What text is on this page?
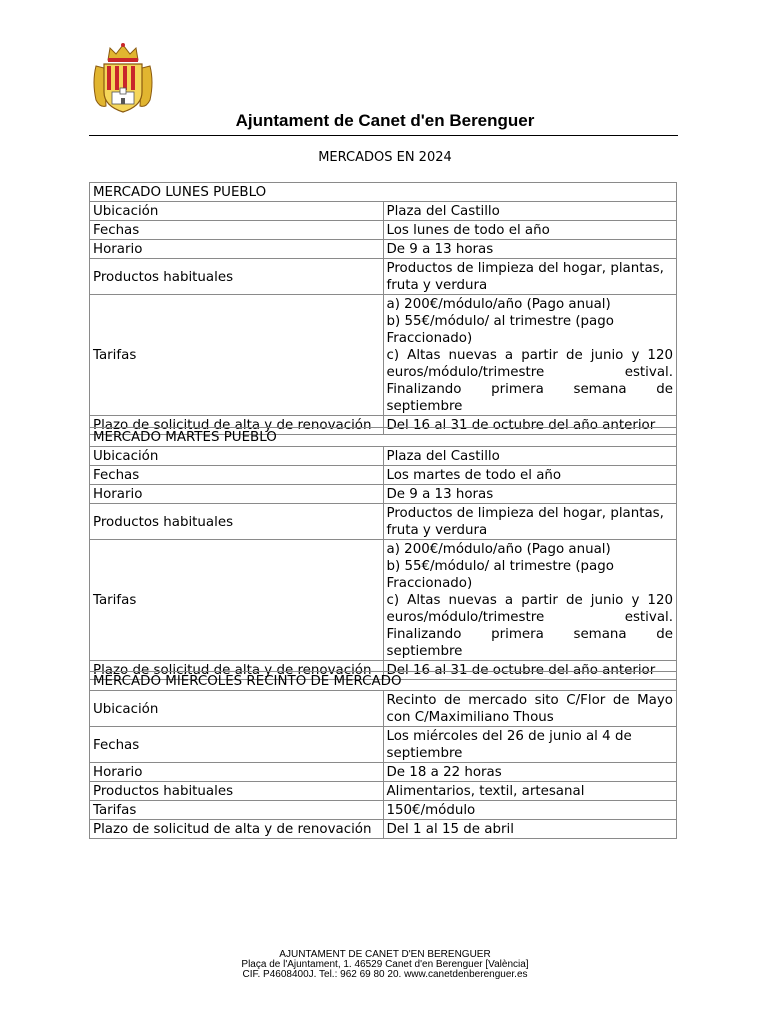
Ajuntament de Canet d'en Berenguer
MERCADOS EN 2024
MERCADO LUNES PUEBLO	
Ubicación	Plaza del Castillo
Fechas	Los lunes de todo el año
Horario	De 9 a 13 horas
Productos habituales	Productos de limpieza del hogar, plantas, fruta y verdura
Tarifas	a) 200€/módulo/año (Pago anual)
b) 55€/módulo/ al trimestre (pago Fraccionado)
c) Altas nuevas a partir de junio y 120 euros/módulo/trimestre estival. Finalizando primera semana de septiembre

Plazo de solicitud de alta y de renovación	Del 16 al 31 de octubre del año anterior
MERCADO MARTES PUEBLO	
Ubicación	Plaza del Castillo
Fechas	Los martes de todo el año
Horario	De 9 a 13 horas
Productos habituales	Productos de limpieza del hogar, plantas, fruta y verdura
Tarifas	a) 200€/módulo/año (Pago anual)
b) 55€/módulo/ al trimestre (pago Fraccionado)
c) Altas nuevas a partir de junio y 120 euros/módulo/trimestre estival. Finalizando primera semana de septiembre

Plazo de solicitud de alta y de renovación	Del 16 al 31 de octubre del año anterior
MERCADO MIÉRCOLES RECINTO DE MERCADO	
Ubicación	Recinto de mercado sito C/Flor de Mayo con C/Maximiliano Thous
Fechas	Los miércoles del 26 de junio al 4 de septiembre
Horario	De 18 a 22 horas
Productos habituales	Alimentarios, textil, artesanal
Tarifas	150€/módulo
Plazo de solicitud de alta y de renovación	Del 1 al 15 de abril
AJUNTAMENT DE CANET D'EN BERENGUER
Plaça de l'Ajuntament, 1. 46529 Canet d'en Berenguer [València]
CIF. P4608400J. Tel.: 962 69 80 20. www.canetdenberenguer.es
